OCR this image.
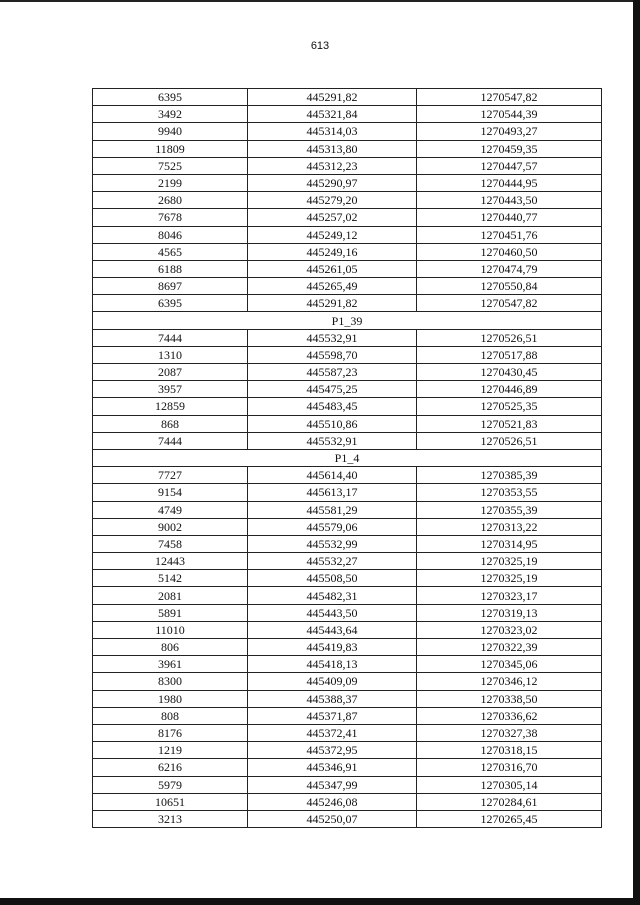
613
6395	445291,82	1270547,82
3492	445321,84	1270544,39
9940	445314,03	1270493,27
11809	445313,80	1270459,35
7525	445312,23	1270447,57
2199	445290,97	1270444,95
2680	445279,20	1270443,50
7678	445257,02	1270440,77
8046	445249,12	1270451,76
4565	445249,16	1270460,50
6188	445261,05	1270474,79
8697	445265,49	1270550,84
6395	445291,82	1270547,82
P1_39		
7444	445532,91	1270526,51
1310	445598,70	1270517,88
2087	445587,23	1270430,45
3957	445475,25	1270446,89
12859	445483,45	1270525,35
868	445510,86	1270521,83
7444	445532,91	1270526,51
P1_4		
7727	445614,40	1270385,39
9154	445613,17	1270353,55
4749	445581,29	1270355,39
9002	445579,06	1270313,22
7458	445532,99	1270314,95
12443	445532,27	1270325,19
5142	445508,50	1270325,19
2081	445482,31	1270323,17
5891	445443,50	1270319,13
11010	445443,64	1270323,02
806	445419,83	1270322,39
3961	445418,13	1270345,06
8300	445409,09	1270346,12
1980	445388,37	1270338,50
808	445371,87	1270336,62
8176	445372,41	1270327,38
1219	445372,95	1270318,15
6216	445346,91	1270316,70
5979	445347,99	1270305,14
10651	445246,08	1270284,61
3213	445250,07	1270265,45
